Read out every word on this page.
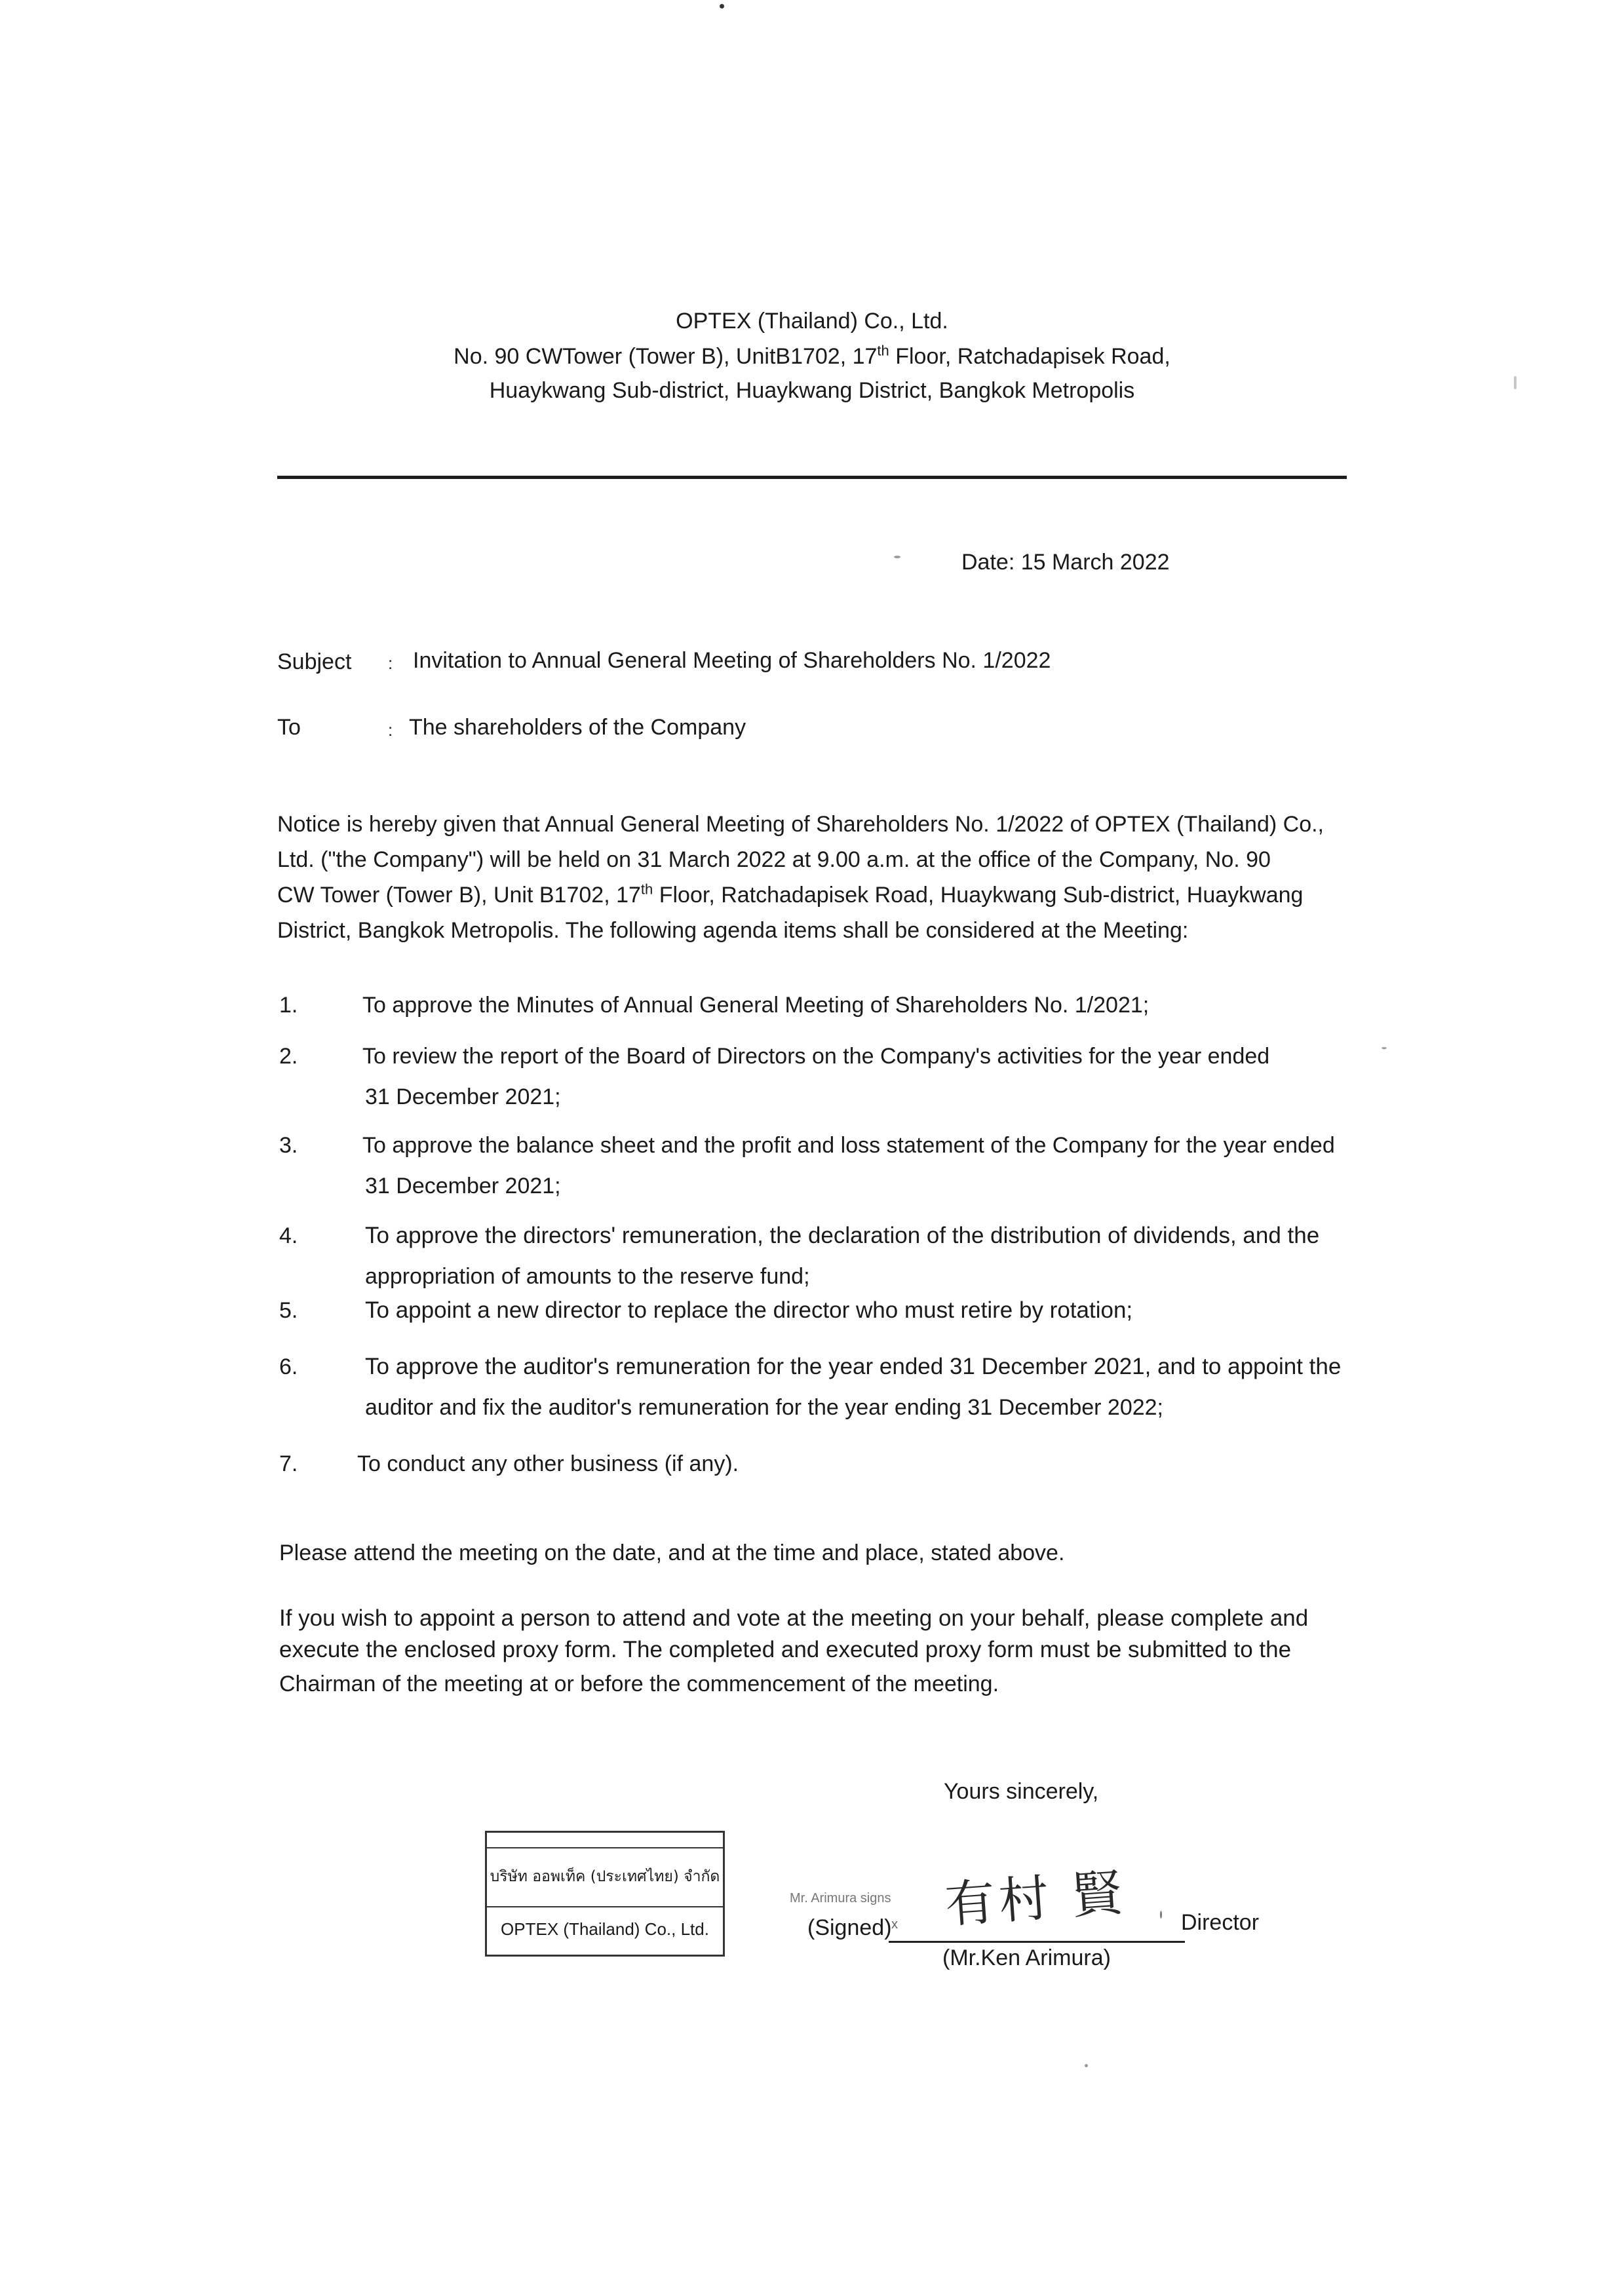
OPTEX (Thailand) Co., Ltd.
No. 90 CWTower (Tower B), UnitB1702, 17th Floor, Ratchadapisek Road,
Huaykwang Sub-district, Huaykwang District, Bangkok Metropolis
Date: 15 March 2022
Subject : Invitation to Annual General Meeting of Shareholders No. 1/2022
To	: The shareholders of the Company
Notice is hereby given that Annual General Meeting of Shareholders No. 1/2022 of OPTEX (Thailand) Co.,
Ltd. ("the Company") will be held on 31 March 2022 at 9.00 a.m. at the office of the Company, No. 90
CW Tower (Tower B), Unit B1702, 17th Floor, Ratchadapisek Road, Huaykwang Sub-district, Huaykwang
District, Bangkok Metropolis. The following agenda items shall be considered at the Meeting:
1.	To approve the Minutes of Annual General Meeting of Shareholders No. 1/2021;
2.	To review the report of the Board of Directors on the Company's activities for the year ended
31 December 2021;
3.	To approve the balance sheet and the profit and loss statement of the Company for the year ended
31 December 2021;
4.	To approve the directors' remuneration, the declaration of the distribution of dividends, and the
appropriation of amounts to the reserve fund;
5.	To appoint a new director to replace the director who must retire by rotation;
6.	To approve the auditor's remuneration for the year ended 31 December 2021, and to appoint the
auditor and fix the auditor's remuneration for the year ending 31 December 2022;
7.	To conduct any other business (if any).
Please attend the meeting on the date, and at the time and place, stated above.
If you wish to appoint a person to attend and vote at the meeting on your behalf, please complete and
execute the enclosed proxy form. The completed and executed proxy form must be submitted to the
Chairman of the meeting at or before the commencement of the meeting.
Yours sincerely,
บริษัท ออพเท็ค (ประเทศไทย) จำกัด
OPTEX (Thailand) Co., Ltd.
Mr. Arimura signs
(Signed) x 有村 賢 Director
(Mr.Ken Arimura)
